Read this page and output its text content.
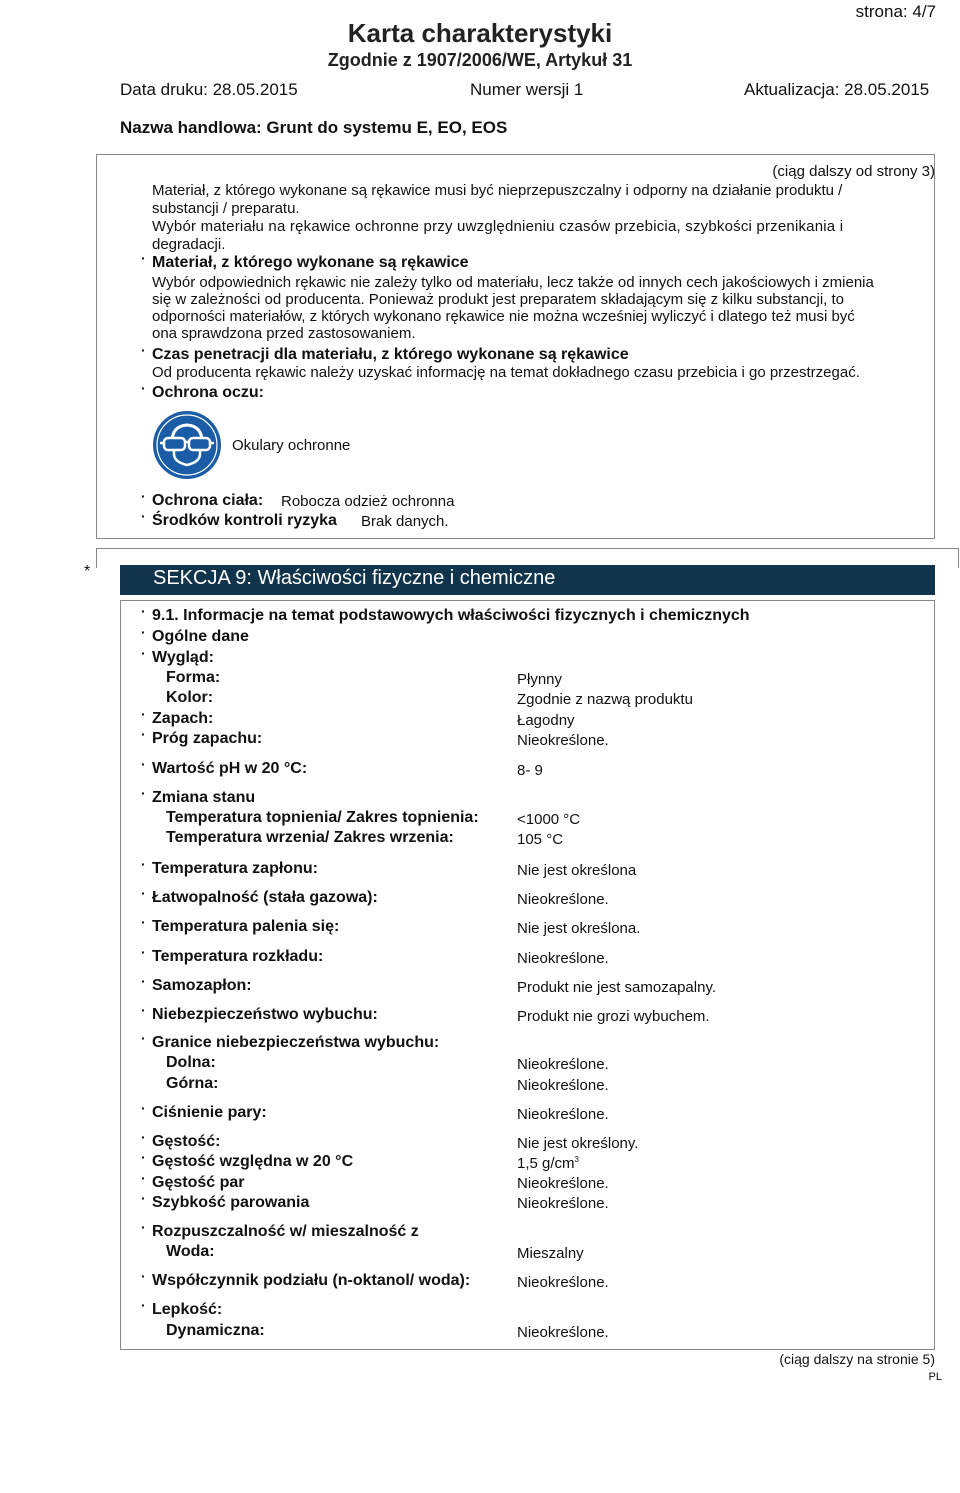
strona: 4/7
Karta charakterystyki
Zgodnie z 1907/2006/WE, Artykuł 31
Data druku: 28.05.2015	Numer wersji 1	Aktualizacja: 28.05.2015
Nazwa handlowa: Grunt do systemu E, EO, EOS
(ciąg dalszy od strony 3)
Materiał, z którego wykonane są rękawice musi być nieprzepuszczalny i odporny na działanie produktu /
substancji / preparatu.
Wybór materiału na rękawice ochronne przy uwzględnieniu czasów przebicia, szybkości przenikania i
degradacji.
· Materiał, z którego wykonane są rękawice
Wybór odpowiednich rękawic nie zależy tylko od materiału, lecz także od innych cech jakościowych i zmienia
się w zależności od producenta. Ponieważ produkt jest preparatem składającym się z kilku substancji, to
odporności materiałów, z których wykonano rękawice nie można wcześniej wyliczyć i dlatego też musi być
ona sprawdzona przed zastosowaniem.
· Czas penetracji dla materiału, z którego wykonane są rękawice
Od producenta rękawic należy uzyskać informację na temat dokładnego czasu przebicia i go przestrzegać.
· Ochrona oczu:
Okulary ochronne
· Ochrona ciała: Robocza odzież ochronna
· Środków kontroli ryzyka Brak danych.
*	SEKCJA 9: Właściwości fizyczne i chemiczne
· 9.1. Informacje na temat podstawowych właściwości fizycznych i chemicznych
· Ogólne dane
· Wygląd:
Forma:	Płynny
Kolor:	Zgodnie z nazwą produktu
· Zapach:	Łagodny
· Próg zapachu:	Nieokreślone.
· Wartość pH w 20 °C:	8- 9
· Zmiana stanu
Temperatura topnienia/ Zakres topnienia:	<1000 °C
Temperatura wrzenia/ Zakres wrzenia:	105 °C
· Temperatura zapłonu:	Nie jest określona
· Łatwopalność (stała gazowa):	Nieokreślone.
· Temperatura palenia się:	Nie jest określona.
· Temperatura rozkładu:	Nieokreślone.
· Samozapłon:	Produkt nie jest samozapalny.
· Niebezpieczeństwo wybuchu:	Produkt nie grozi wybuchem.
· Granice niebezpieczeństwa wybuchu:
Dolna:	Nieokreślone.
Górna:	Nieokreślone.
· Ciśnienie pary:	Nieokreślone.
· Gęstość:	Nie jest określony.
· Gęstość względna w 20 °C	1,5 $g/cm^3$
· Gęstość par	Nieokreślone.
· Szybkość parowania	Nieokreślone.
· Rozpuszczalność w/ mieszalność z
Woda:	Mieszalny
· Współczynnik podziału (n-oktanol/ woda):	Nieokreślone.
· Lepkość:
Dynamiczna:	Nieokreślone.
(ciąg dalszy na stronie 5)
PL
